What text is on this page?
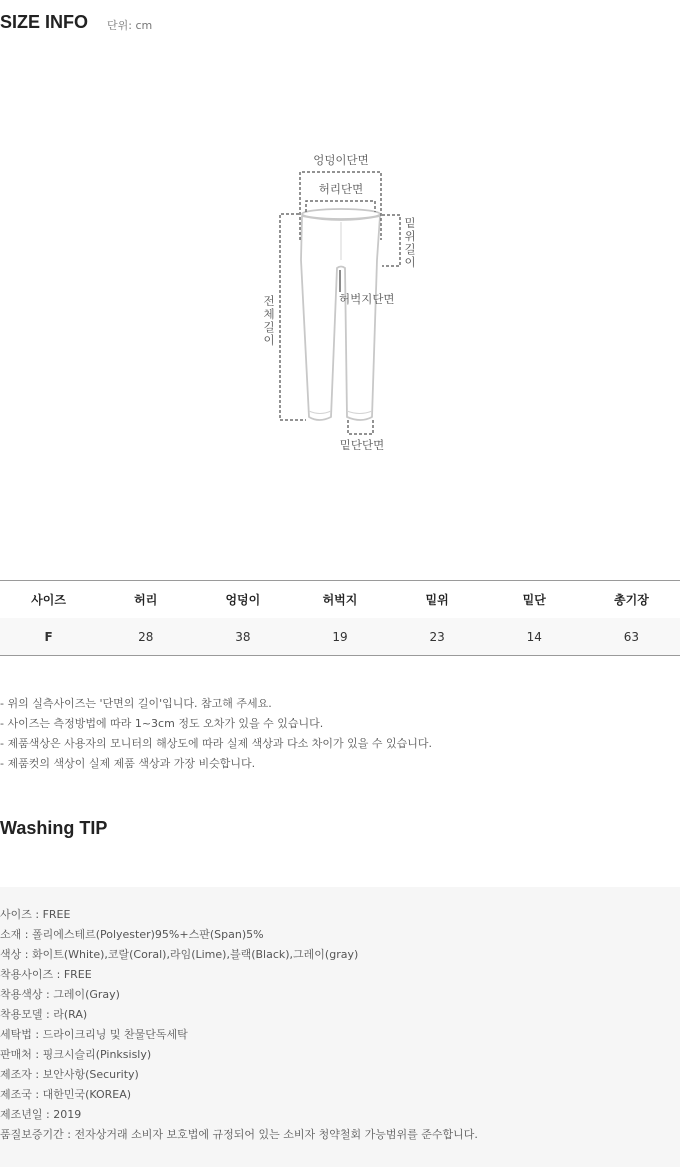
SIZE INFO 단위: cm
엉덩이단면
허리단면
허벅지단면
밑단단면
밑
위
길
이
전
체
길
이
사이즈	허리	엉덩이	허벅지	밑위	밑단	총기장
F	28	38	19	23	14	63
- 위의 실측사이즈는 '단면의 길이'입니다. 참고해 주세요.
- 사이즈는 측정방법에 따라 1~3cm 정도 오차가 있을 수 있습니다.
- 제품색상은 사용자의 모니터의 해상도에 따라 실제 색상과 다소 차이가 있을 수 있습니다.
- 제품컷의 색상이 실제 제품 색상과 가장 비슷합니다.
Washing TIP
사이즈 : FREE
소재 : 폴리에스테르(Polyester)95%+스판(Span)5%
색상 : 화이트(White),코랄(Coral),라임(Lime),블랙(Black),그레이(gray)
착용사이즈 : FREE
착용색상 : 그레이(Gray)
착용모델 : 라(RA)
세탁법 : 드라이크리닝 및 찬물단독세탁
판매처 : 핑크시슬리(Pinksisly)
제조자 : 보안사항(Security)
제조국 : 대한민국(KOREA)
제조년일 : 2019
품질보증기간 : 전자상거래 소비자 보호법에 규정되어 있는 소비자 청약철회 가능범위를 준수합니다.
